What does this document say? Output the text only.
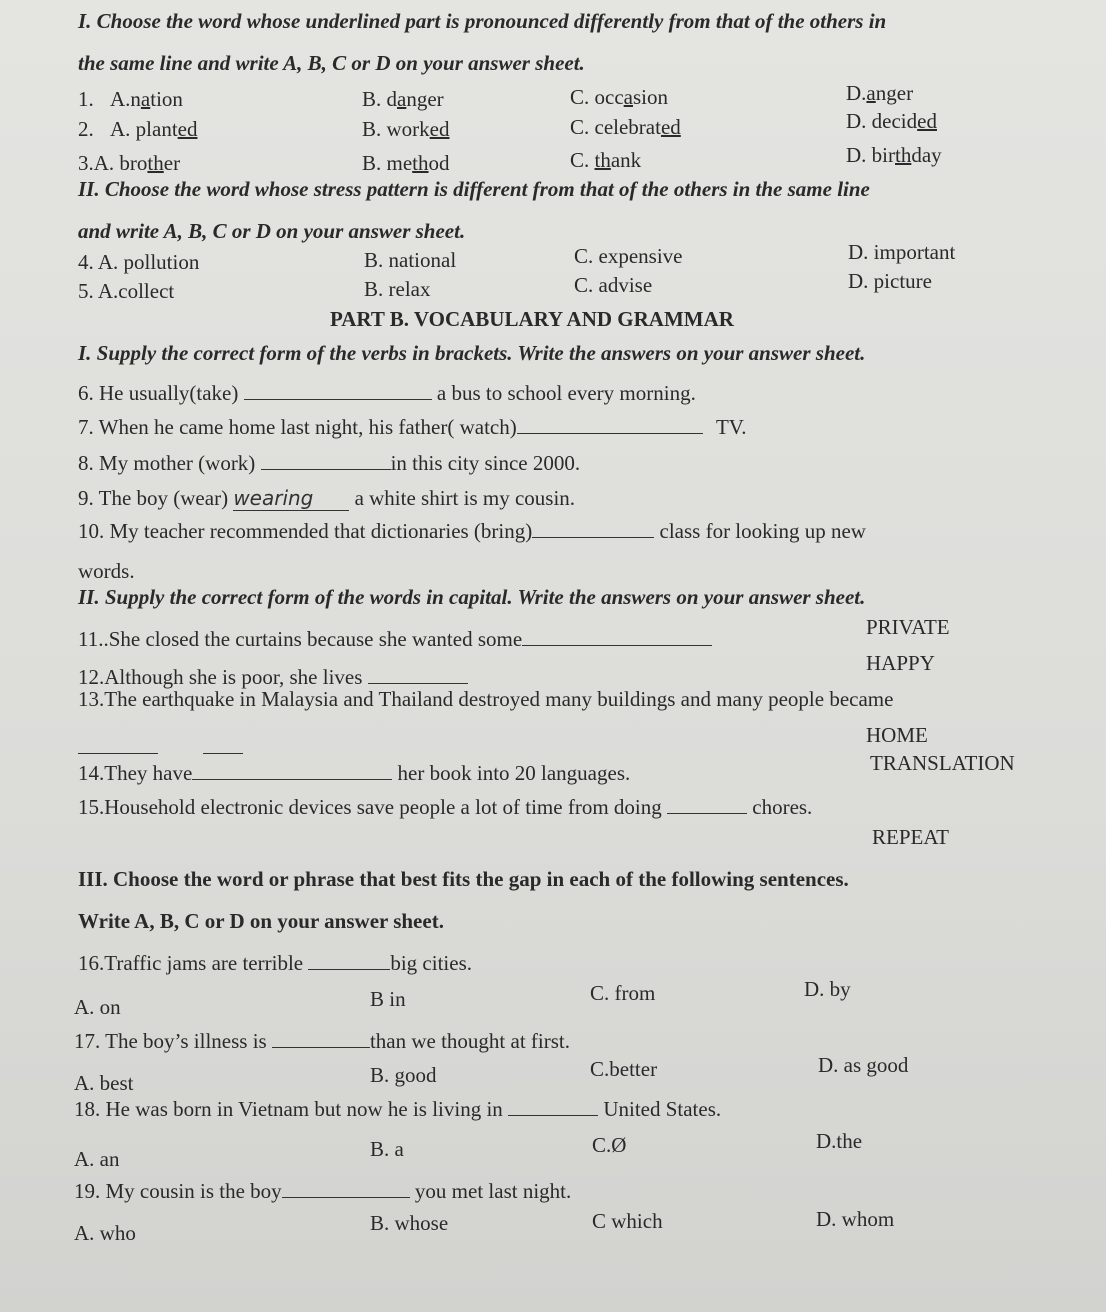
I. Choose the word whose underlined part is pronounced differently from that of the others in
the same line and write A, B, C or D on your answer sheet.
1. A.nation	B. danger	C. occasion	D.anger
2. A. planted	B. worked	C. celebrated	D. decided
3.A. brother	B. method	C. thank	D. birthday
II. Choose the word whose stress pattern is different from that of the others in the same line
and write A, B, C or D on your answer sheet.
4. A. pollution	B. national	C. expensive	D. important
5. A.collect	B. relax	C. advise	D. picture
PART B. VOCABULARY AND GRAMMAR
I. Supply the correct form of the verbs in brackets. Write the answers on your answer sheet.
6. He usually(take)	a bus to school every morning.
7. When he came home last night, his father( watch)	TV.
8. My mother (work)	in this city since 2000.
9. The boy (wear) wearing a white shirt is my cousin.
10. My teacher recommended that dictionaries (bring)	class for looking up new
words.
II. Supply the correct form of the words in capital. Write the answers on your answer sheet.
11..She closed the curtains because she wanted some	PRIVATE
12.Although she is poor, she lives
HAPPY
13.The earthquake in Malaysia and Thailand destroyed many buildings and many people became
HOME

14.They have	her book into 20 languages.	TRANSLATION
15.Household electronic devices save people a lot of time from doing	chores.
REPEAT
III. Choose the word or phrase that best fits the gap in each of the following sentences.
Write A, B, C or D on your answer sheet.
16.Traffic jams are terrible	big cities.
A. on	B in	C. from	D. by
17. The boy’s illness is	than we thought at first.
A. best	B. good	C.better	D. as good
18. He was born in Vietnam but now he is living in	United States.
A. an	B. a	C.Ø	D.the
19. My cousin is the boy	you met last night.
A. who	B. whose	C which	D. whom
